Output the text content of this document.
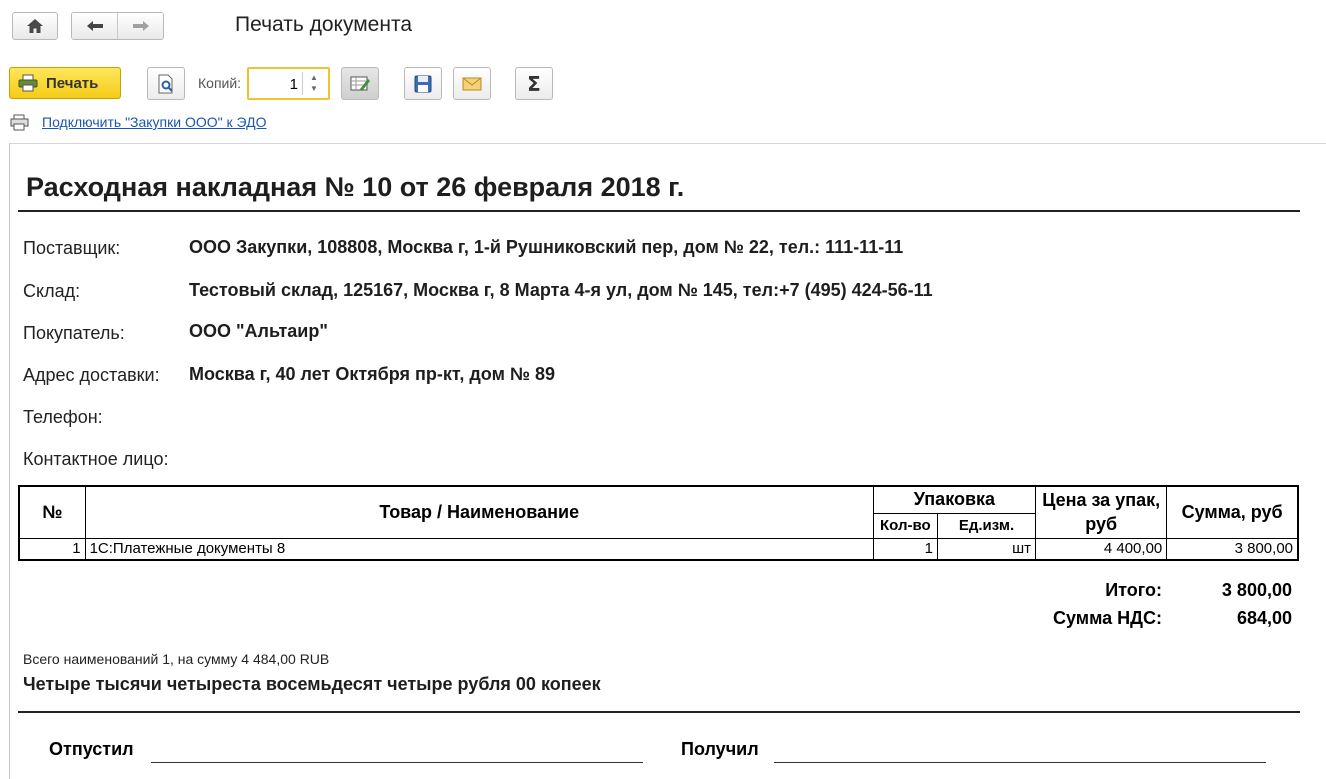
Печать документа
Печать	Копий:
1	▲
▼	Σ
Подключить "Закупки ООО" к ЭДО
Расходная накладная № 10 от 26 февраля 2018 г.
Поставщик:	ООО Закупки, 108808, Москва г, 1-й Рушниковский пер, дом № 22, тел.: 111-11-11
Склад:	Тестовый склад, 125167, Москва г, 8 Марта 4-я ул, дом № 145, тел:+7 (495) 424-56-11
Покупатель:	ООО "Альтаир"
Адрес доставки: Москва г, 40 лет Октября пр-кт, дом № 89
Телефон:
Контактное лицо:
№	Товар / Наименование	Упаковка		Цена за упак, руб	Сумма, руб
		Кол-во	Ед.изм.		
1	1С:Платежные документы 8	1	шт	4 400,00	3 800,00
Итого:	3 800,00
Сумма НДС:	684,00
Всего наименований 1, на сумму 4 484,00 RUB
Четыре тысячи четыреста восемьдесят четыре рубля 00 копеек
Отпустил	Получил
